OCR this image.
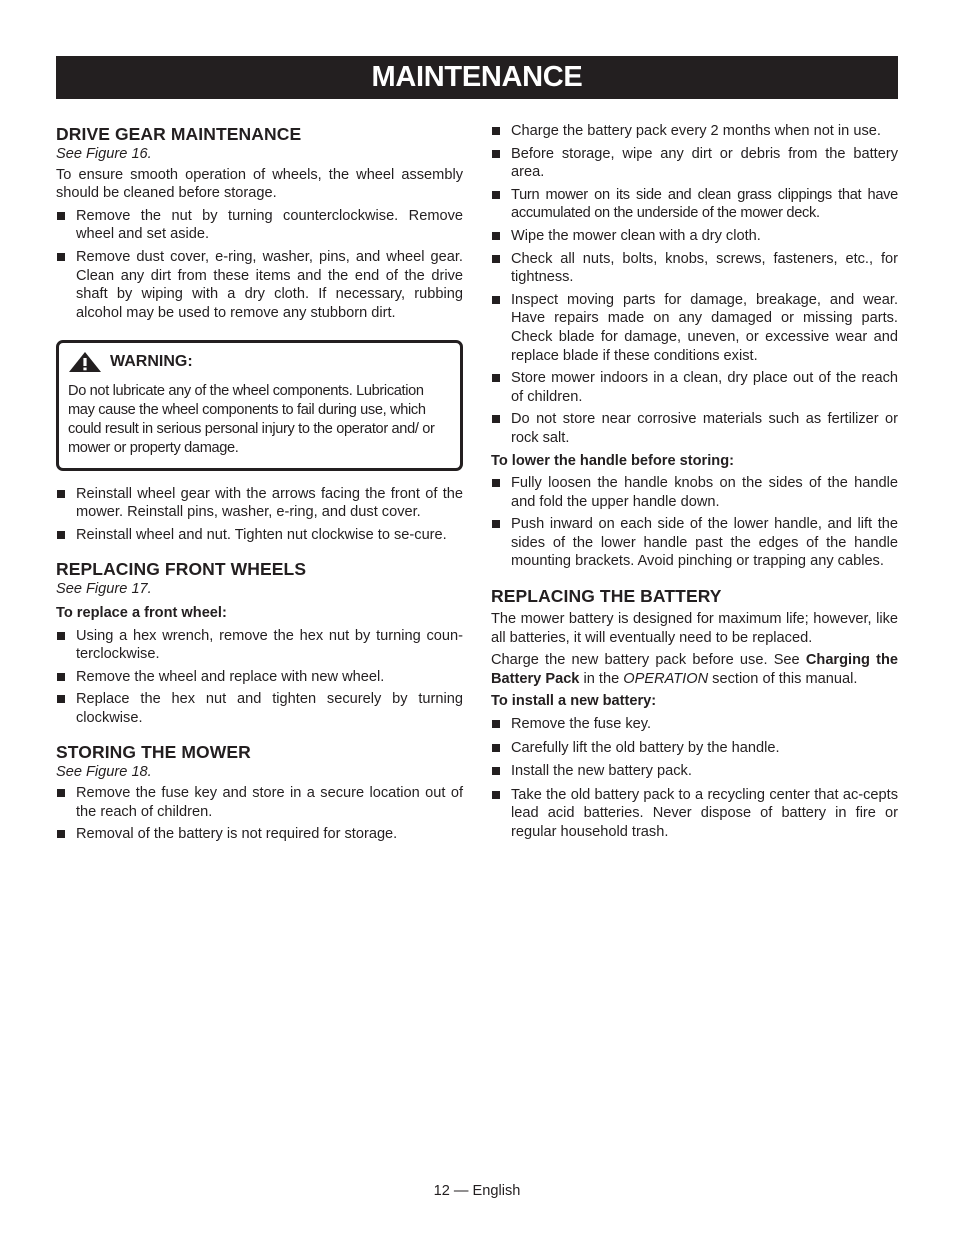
MAINTENANCE
DRIVE GEAR MAINTENANCE

See Figure 16.

To ensure smooth operation of wheels, the wheel assembly should be cleaned before storage.

Remove the nut by turning counterclockwise. Remove wheel and set aside.
Remove dust cover, e-ring, washer, pins, and wheel gear. Clean any dirt from these items and the end of the drive shaft by wiping with a dry cloth. If necessary, rubbing alcohol may be used to remove any stubborn dirt.
WARNING:
Do not lubricate any of the wheel components. Lubrication may cause the wheel components to fail during use, which could result in serious personal injury to the operator and/ or mower or property damage.
Reinstall wheel gear with the arrows facing the front of the mower. Reinstall pins, washer, e-ring, and dust cover.
Reinstall wheel and nut. Tighten nut clockwise to se-cure.
REPLACING FRONT WHEELS

See Figure 17.

To replace a front wheel:

Using a hex wrench, remove the hex nut by turning coun-terclockwise.
Remove the wheel and replace with new wheel.
Replace the hex nut and tighten securely by turning clockwise.
STORING THE MOWER

See Figure 18.

Remove the fuse key and store in a secure location out of the reach of children.
Removal of the battery is not required for storage.
Charge the battery pack every 2 months when not in use.
Before storage, wipe any dirt or debris from the battery area.
Turn mower on its side and clean grass clippings that have accumulated on the underside of the mower deck.
Wipe the mower clean with a dry cloth.
Check all nuts, bolts, knobs, screws, fasteners, etc., for tightness.
Inspect moving parts for damage, breakage, and wear. Have repairs made on any damaged or missing parts. Check blade for damage, uneven, or excessive wear and replace blade if these conditions exist.
Store mower indoors in a clean, dry place out of the reach of children.
Do not store near corrosive materials such as fertilizer or rock salt.

To lower the handle before storing:

Fully loosen the handle knobs on the sides of the handle and fold the upper handle down.
Push inward on each side of the lower handle, and lift the sides of the lower handle past the edges of the handle mounting brackets. Avoid pinching or trapping any cables.
REPLACING THE BATTERY

The mower battery is designed for maximum life; however, like all batteries, it will eventually need to be replaced.

Charge the new battery pack before use. See Charging the Battery Pack in the OPERATION section of this manual.

To install a new battery:

Remove the fuse key.
Carefully lift the old battery by the handle.
Install the new battery pack.
Take the old battery pack to a recycling center that ac-cepts lead acid batteries. Never dispose of battery in fire or regular household trash.
12 — English
